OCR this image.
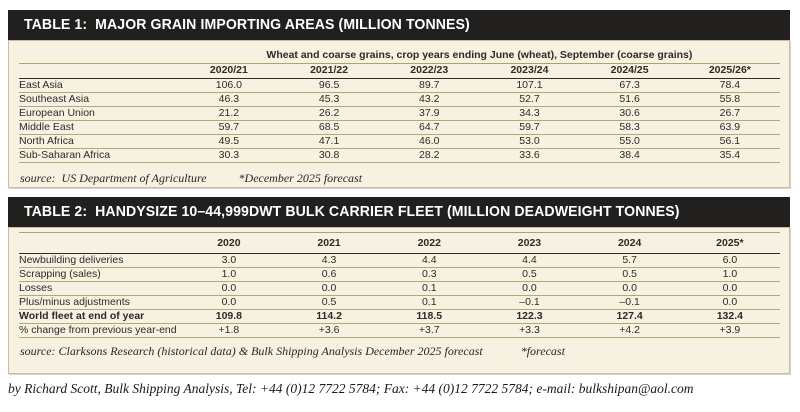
TABLE 1:  MAJOR GRAIN IMPORTING AREAS (MILLION TONNES)
	Wheat and coarse grains, crop years ending June (wheat), September (coarse grains)					
	2020/21	2021/22	2022/23	2023/24	2024/25	2025/26*
East Asia	106.0	96.5	89.7	107.1	67.3	78.4
Southeast Asia	46.3	45.3	43.2	52.7	51.6	55.8
European Union	21.2	26.2	37.9	34.3	30.6	26.7
Middle East	59.7	68.5	64.7	59.7	58.3	63.9
North Africa	49.5	47.1	46.0	53.0	55.0	56.1
Sub-Saharan Africa	30.3	30.8	28.2	33.6	38.4	35.4
source:  US Department of Agriculture	*December 2025 forecast
TABLE 2:  HANDYSIZE 10–44,999DWT BULK CARRIER FLEET (MILLION DEADWEIGHT TONNES)
	2020	2021	2022	2023	2024	2025*
Newbuilding deliveries	3.0	4.3	4.4	4.4	5.7	6.0
Scrapping (sales)	1.0	0.6	0.3	0.5	0.5	1.0
Losses	0.0	0.0	0.1	0.0	0.0	0.0
Plus/minus adjustments	0.0	0.5	0.1	–0.1	–0.1	0.0
World fleet at end of year	109.8	114.2	118.5	122.3	127.4	132.4
% change from previous year-end	+1.8	+3.6	+3.7	+3.3	+4.2	+3.9
source: Clarksons Research (historical data) & Bulk Shipping Analysis December 2025 forecast	*forecast
by Richard Scott, Bulk Shipping Analysis, Tel: +44 (0)12 7722 5784; Fax: +44 (0)12 7722 5784; e-mail: bulkshipan@aol.com
